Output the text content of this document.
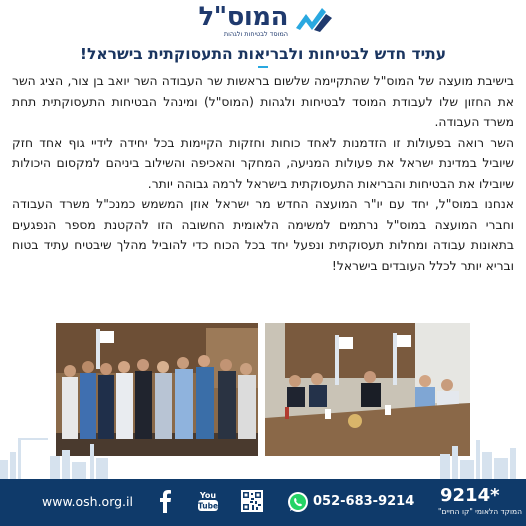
המוס"ל
המוסד לבטיחות ולגהות
עתיד חדש לבטיחות ולבריאות התעסוקתית בישראל!

בישיבת מועצה של המוס"ל שהתקיימה שלשום בראשות שר העבודה השר יואב בן צור, הציג השר את החזון שלו לעבודת המוסד לבטיחות ולגהות (המוס"ל) ומינהל הבטיחות התעסוקתית תחת משרד העבודה.

השר רואה בפעולות זו הזדמנות לאחד כוחות וחזקות הקיימות בכל יחידה לידיי גוף אחד חזק שיוביל במדינת ישראל את פעולות המניעה, המחקר והאכיפה והשילוב ביניהם למקסום היכולות שיובילו את הבטיחות והבריאות התעסוקתית בישראל לרמה גבוהה יותר.

אנחנו במוס"ל, יחד עם יו"ר המועצה החדש מר ישראל אוזן המשמש כמנכ"ל משרד העבודה וחברי המועצה במוס"ל נרתמים למשימה הלאומית החשובה הזו להקטנת מספר הנפגעים בתאונות עבודה ומחלות תעסוקתית ונפעל יחד בכל הכוח כדי להוביל מהלך שיבטיח עתיד בטוח ובריא יותר לכלל העובדים בישראל!

www.osh.org.il	You
Tube	052-683-9214 9214*
המוקד הלאומי "קו החיים"
